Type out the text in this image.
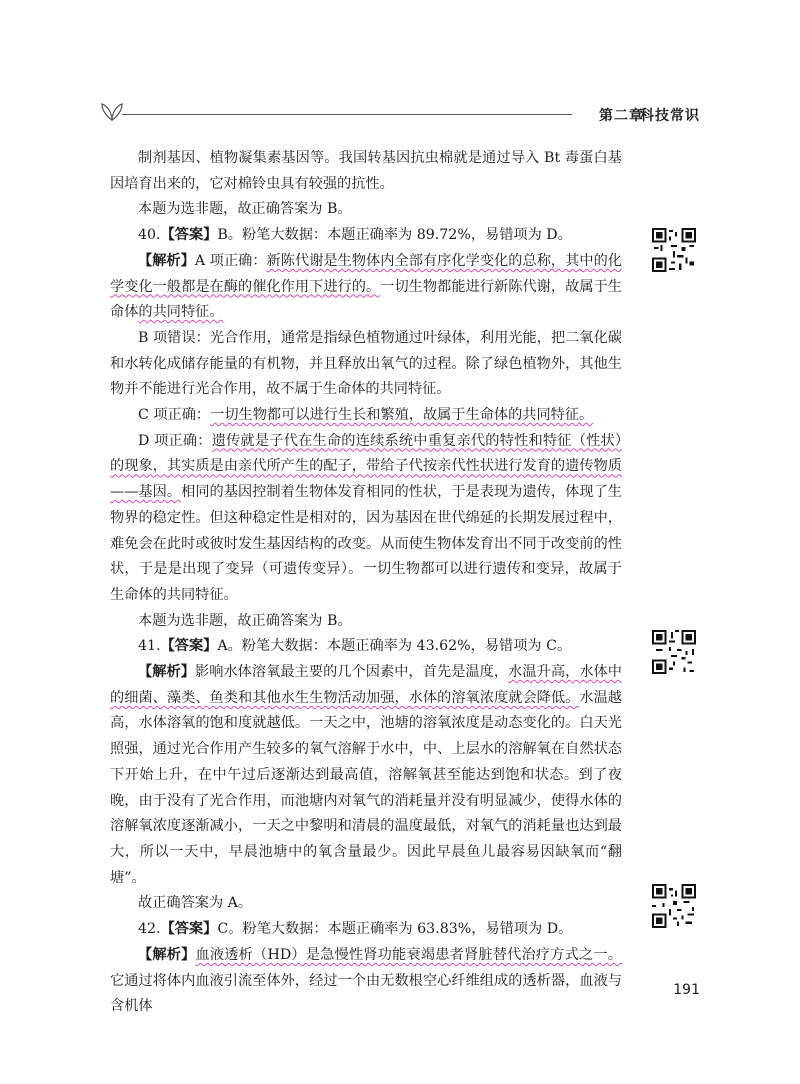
第二章
科技常识

制剂基因、植物凝集素基因等。我国转基因抗虫棉就是通过导入 Bt 毒蛋白基因培育出来的，它对棉铃虫具有较强的抗性。

本题为选非题，故正确答案为 B。

40.【答案】B。粉笔大数据：本题正确率为 89.72%，易错项为 D。

【解析】A 项正确：新陈代谢是生物体内全部有序化学变化的总称，其中的化学变化一般都是在酶的催化作用下进行的。一切生物都能进行新陈代谢，故属于生命体的共同特征。

B 项错误：光合作用，通常是指绿色植物通过叶绿体，利用光能，把二氧化碳和水转化成储存能量的有机物，并且释放出氧气的过程。除了绿色植物外，其他生物并不能进行光合作用，故不属于生命体的共同特征。

C 项正确：一切生物都可以进行生长和繁殖，故属于生命体的共同特征。

D 项正确：遗传就是子代在生命的连续系统中重复亲代的特性和特征（性状）的现象，其实质是由亲代所产生的配子，带给子代按亲代性状进行发育的遗传物质——基因。相同的基因控制着生物体发育相同的性状，于是表现为遗传，体现了生物界的稳定性。但这种稳定性是相对的，因为基因在世代绵延的长期发展过程中，难免会在此时或彼时发生基因结构的改变。从而使生物体发育出不同于改变前的性状，于是是出现了变异（可遗传变异）。一切生物都可以进行遗传和变异，故属于生命体的共同特征。

本题为选非题，故正确答案为 B。

41.【答案】A。粉笔大数据：本题正确率为 43.62%，易错项为 C。

【解析】影响水体溶氧最主要的几个因素中，首先是温度，水温升高，水体中的细菌、藻类、鱼类和其他水生生物活动加强，水体的溶氧浓度就会降低。水温越高，水体溶氧的饱和度就越低。一天之中，池塘的溶氧浓度是动态变化的。白天光照强，通过光合作用产生较多的氧气溶解于水中，中、上层水的溶解氧在自然状态下开始上升，在中午过后逐渐达到最高值，溶解氧甚至能达到饱和状态。到了夜晚，由于没有了光合作用，而池塘内对氧气的消耗量并没有明显减少，使得水体的溶解氧浓度逐渐减小，一天之中黎明和清晨的温度最低，对氧气的消耗量也达到最大，所以一天中，早晨池塘中的氧含量最少。因此早晨鱼儿最容易因缺氧而“翻塘”。

故正确答案为 A。

42.【答案】C。粉笔大数据：本题正确率为 63.83%，易错项为 D。

【解析】血液透析（HD）是急慢性肾功能衰竭患者肾脏替代治疗方式之一。它通过将体内血液引流至体外，经过一个由无数根空心纤维组成的透析器，血液与含机体

191
